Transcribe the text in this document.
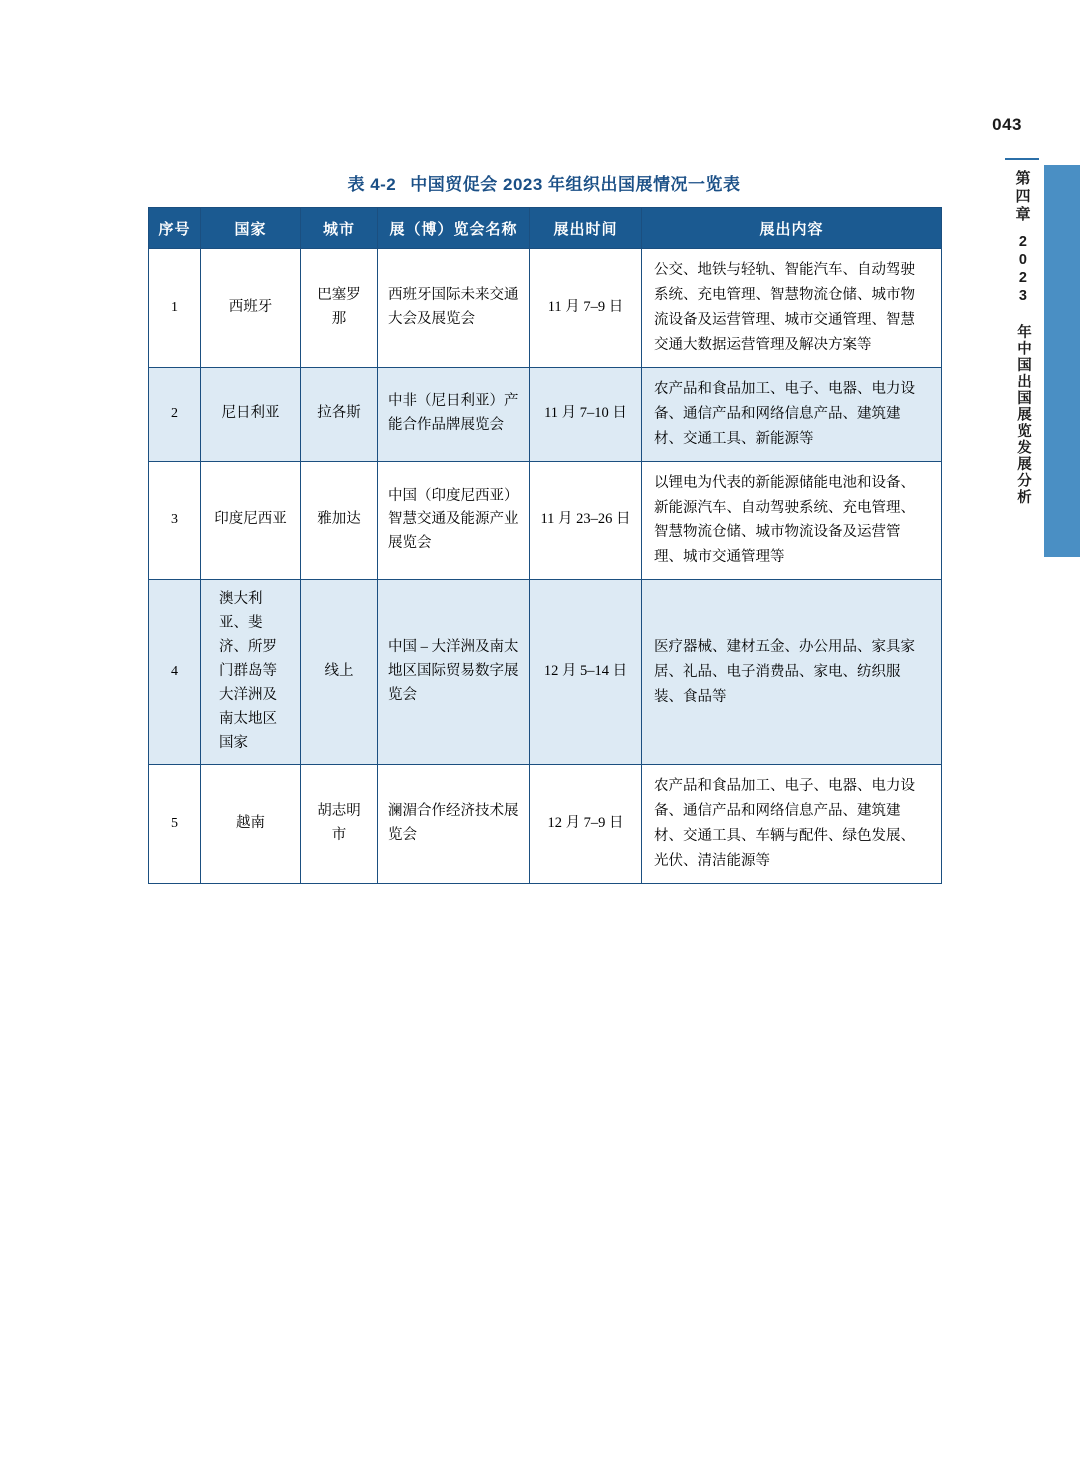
043
第四章
2023 年中国出国展览发展分析
表 4-2 中国贸促会 2023 年组织出国展情况一览表
序号	国家	城市	展（博）览会名称	展出时间	展出内容
1	西班牙	巴塞罗那	西班牙国际未来交通大会及展览会	11 月 7–9 日	公交、地铁与轻轨、智能汽车、自动驾驶系统、充电管理、智慧物流仓储、城市物流设备及运营管理、城市交通管理、智慧交通大数据运营管理及解决方案等
2	尼日利亚	拉各斯	中非（尼日利亚）产能合作品牌展览会	11 月 7–10 日	农产品和食品加工、电子、电器、电力设备、通信产品和网络信息产品、建筑建材、交通工具、新能源等
3	印度尼西亚	雅加达	中国（印度尼西亚）智慧交通及能源产业展览会	11 月 23–26 日	以锂电为代表的新能源储能电池和设备、新能源汽车、自动驾驶系统、充电管理、智慧物流仓储、城市物流设备及运营管理、城市交通管理等
4	澳大利亚、斐济、所罗门群岛等大洋洲及南太地区国家	线上	中国 – 大洋洲及南太地区国际贸易数字展览会	12 月 5–14 日	医疗器械、建材五金、办公用品、家具家居、礼品、电子消费品、家电、纺织服装、食品等
5	越南	胡志明市	澜湄合作经济技术展览会	12 月 7–9 日	农产品和食品加工、电子、电器、电力设备、通信产品和网络信息产品、建筑建材、交通工具、车辆与配件、绿色发展、光伏、清洁能源等
